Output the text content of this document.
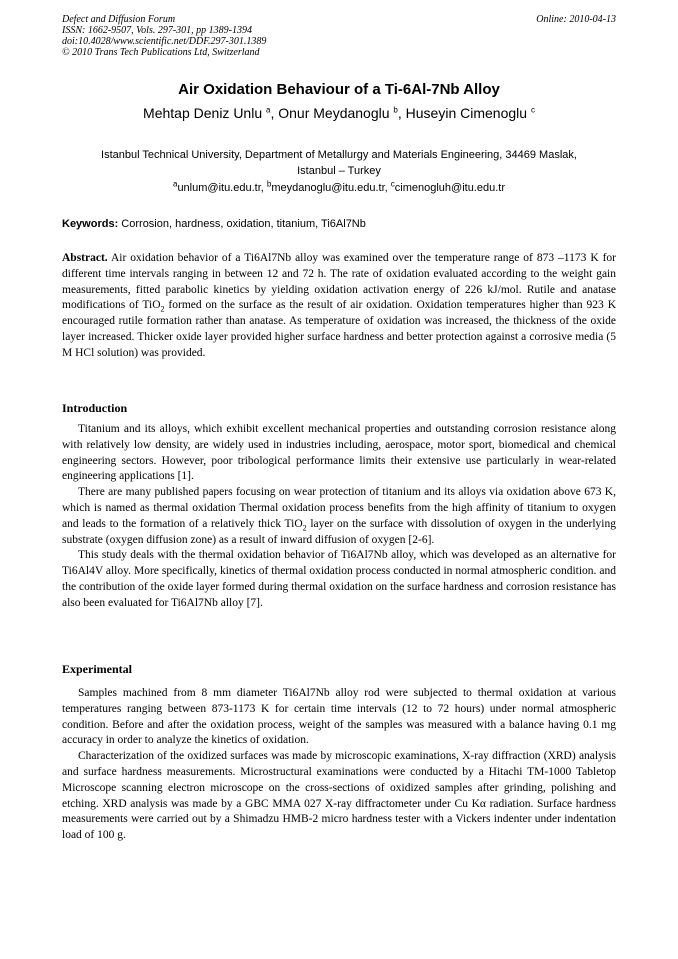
Defect and Diffusion Forum
ISSN: 1662-9507, Vols. 297-301, pp 1389-1394
doi:10.4028/www.scientific.net/DDF.297-301.1389
© 2010 Trans Tech Publications Ltd, Switzerland
Online: 2010-04-13
Air Oxidation Behaviour of a Ti-6Al-7Nb Alloy
Mehtap Deniz Unlu $^a$, Onur Meydanoglu $^b$, Huseyin Cimenoglu $^c$
Istanbul Technical University, Department of Metallurgy and Materials Engineering, 34469 Maslak,
Istanbul – Turkey
$^a$unlum@itu.edu.tr, $^b$meydanoglu@itu.edu.tr, $^c$cimenogluh@itu.edu.tr
Keywords: Corrosion, hardness, oxidation, titanium, Ti6Al7Nb
Abstract. Air oxidation behavior of a Ti6Al7Nb alloy was examined over the temperature range of 873 –1173 K for different time intervals ranging in between 12 and 72 h. The rate of oxidation evaluated according to the weight gain measurements, fitted parabolic kinetics by yielding oxidation activation energy of 226 kJ/mol. Rutile and anatase modifications of TiO$_2$ formed on the surface as the result of air oxidation. Oxidation temperatures higher than 923 K encouraged rutile formation rather than anatase. As temperature of oxidation was increased, the thickness of the oxide layer increased. Thicker oxide layer provided higher surface hardness and better protection against a corrosive media (5 M HCl solution) was provided.
Introduction

Titanium and its alloys, which exhibit excellent mechanical properties and outstanding corrosion resistance along with relatively low density, are widely used in industries including, aerospace, motor sport, biomedical and chemical engineering sectors. However, poor tribological performance limits their extensive use particularly in wear-related engineering applications [1].

There are many published papers focusing on wear protection of titanium and its alloys via oxidation above 673 K, which is named as thermal oxidation Thermal oxidation process benefits from the high affinity of titanium to oxygen and leads to the formation of a relatively thick TiO$_2$ layer on the surface with dissolution of oxygen in the underlying substrate (oxygen diffusion zone) as a result of inward diffusion of oxygen [2-6].

This study deals with the thermal oxidation behavior of Ti6Al7Nb alloy, which was developed as an alternative for Ti6Al4V alloy. More specifically, kinetics of thermal oxidation process conducted in normal atmospheric condition. and the contribution of the oxide layer formed during thermal oxidation on the surface hardness and corrosion resistance has also been evaluated for Ti6Al7Nb alloy [7].

Experimental

Samples machined from 8 mm diameter Ti6Al7Nb alloy rod were subjected to thermal oxidation at various temperatures ranging between 873-1173 K for certain time intervals (12 to 72 hours) under normal atmospheric condition. Before and after the oxidation process, weight of the samples was measured with a balance having 0.1 mg accuracy in order to analyze the kinetics of oxidation.

Characterization of the oxidized surfaces was made by microscopic examinations, X-ray diffraction (XRD) analysis and surface hardness measurements. Microstructural examinations were conducted by a Hitachi TM-1000 Tabletop Microscope scanning electron microscope on the cross-sections of oxidized samples after grinding, polishing and etching. XRD analysis was made by a GBC MMA 027 X-ray diffractometer under Cu Kα radiation. Surface hardness measurements were carried out by a Shimadzu HMB-2 micro hardness tester with a Vickers indenter under indentation load of 100 g.
